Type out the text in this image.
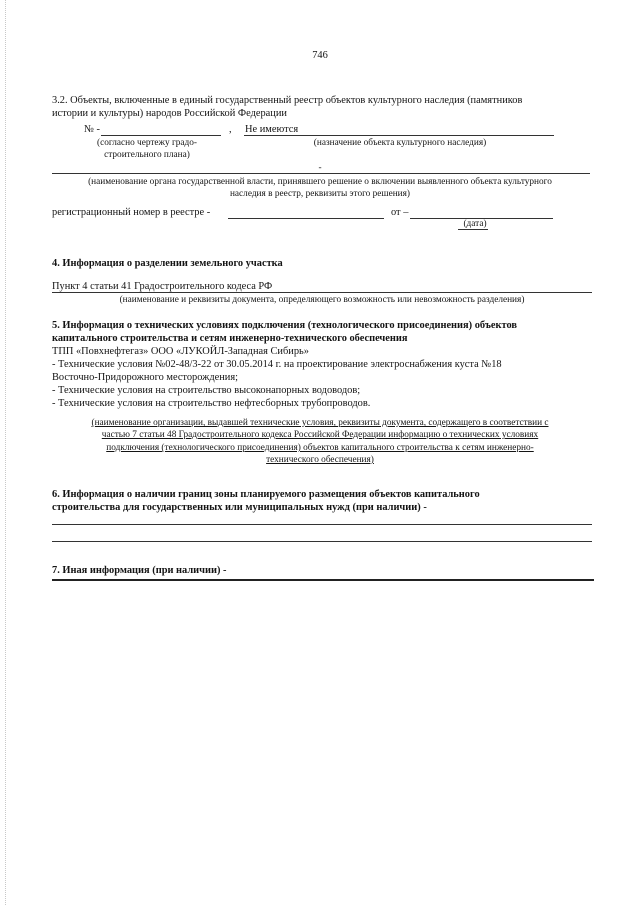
746
3.2. Объекты, включенные в единый государственный реестр объектов культурного наследия (памятников
истории и культуры) народов Российской Федерации
№ -	, Не имеются
(согласно чертежу градо-
строительного плана)
(назначение объекта культурного наследия)
-
(наименование органа государственной власти, принявшего решение о включении выявленного объекта культурного
наследия в реестр, реквизиты этого решения)
регистрационный номер в реестре -	от –
(дата)
4. Информация о разделении земельного участка
Пункт 4 статьи 41 Градостроительного кодеса РФ
(наименование и реквизиты документа, определяющего возможность или невозможность разделения)
5. Информация о технических условиях подключения (технологического присоединения) объектов
капитального строительства и сетям инженерно-технического обеспечения
ТПП «Повхнефтегаз» ООО «ЛУКОЙЛ-Западная Сибирь»
- Технические условия №02-48/3-22 от 30.05.2014 г. на проектирование электроснабжения куста №18
Восточно-Придорожного месторождения;
- Технические условия на строительство высоконапорных водоводов;
- Технические условия на строительство нефтесборных трубопроводов.
(наименование организации, выдавшей технические условия, реквизиты документа, содержащего в соответствии с
частью 7 статьи 48 Градостроительного кодекса Российской Федерации информацию о технических условиях
подключения (технологического присоединения) объектов капитального строительства к сетям инженерно-
технического обеспечения)
6. Информация о наличии границ зоны планируемого размещения объектов капитального
строительства для государственных или муниципальных нужд (при наличии) -
7. Иная информация (при наличии) -
